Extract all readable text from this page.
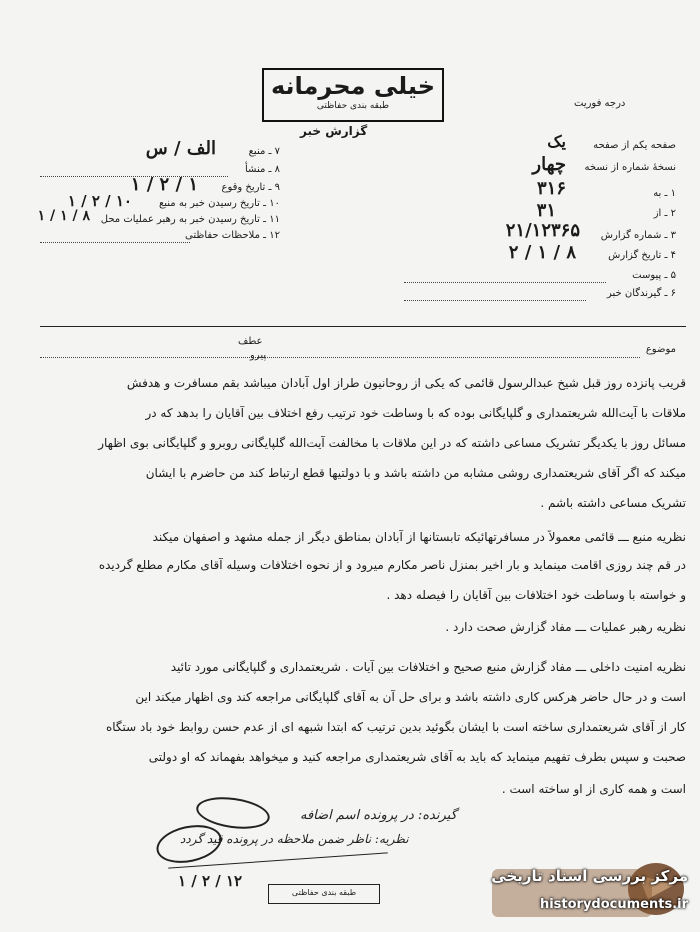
خیلی محرمانه
طبقه بندی حفاظتی	درجه فوریت
گزارش خبر
صفحه یکم از صفحه
یک
نسخهٔ شماره از نسخه
چهار
۱ ـ به
۳۱۶
۲ ـ از
۳۱
۳ ـ شماره گزارش
۲۱/۱۲۳۶۵
۴ ـ تاریخ گزارش
۸ / ۱ / ۲
۵ ـ پیوست
۶ ـ گیرندگان خبر
۷ ـ منبع
الف / س
۸ ـ منشأ
۹ ـ تاریخ وقوع
۱ / ۲ / ۱
۱۰ ـ تاریخ رسیدن خبر به منبع
۱۰ / ۲ / ۱
۱۱ ـ تاریخ رسیدن خبر به رهبر عملیات محل
۸ / ۱ / ۱
۱۲ ـ ملاحظات حفاظتی
موضوع
عطف
پیرو
قریب پانزده روز قبل شیخ عبدالرسول قائمی که یکی از روحانیون طراز اول آبادان میباشد بقم مسافرت و هدفش
ملاقات با آیت‌الله شریعتمداری و گلپایگانی بوده که با وساطت خود ترتیب رفع اختلاف بین آقایان را بدهد که در
مسائل روز با یکدیگر تشریک مساعی داشته که در این ملاقات با مخالفت آیت‌الله گلپایگانی روبرو و گلپایگانی بوی اظهار
میکند که اگر آقای شریعتمداری روشی مشابه من داشته باشد و با دولتیها قطع ارتباط کند من حاضرم با ایشان
تشریک مساعی داشته باشم .
نظریه منبع ـــ قائمی معمولاً در مسافرتهائیکه تابستانها از آبادان بمناطق دیگر از جمله مشهد و اصفهان میکند
در قم چند روزی اقامت مینماید و بار اخیر بمنزل ناصر مکارم میرود و از نحوه اختلافات وسیله آقای مکارم مطلع گردیده
و خواسته با وساطت خود اختلافات بین آقایان را فیصله دهد .
نظریه رهبر عملیات ـــ مفاد گزارش صحت دارد .
نظریه امنیت داخلی ـــ مفاد گزارش منبع صحیح و اختلافات بین آیات . شریعتمداری و گلپایگانی مورد تائید
است و در حال حاضر هرکس کاری داشته باشد و برای حل آن به آقای گلپایگانی مراجعه کند وی اظهار میکند این
کار از آقای شریعتمداری ساخته است با ایشان بگوئید بدین ترتیب که ابتدا شبهه ای از عدم حسن روابط خود باد ستگاه
صحبت و سپس بطرف تفهیم مینماید که باید به آقای شریعتمداری مراجعه کنید و میخواهد بفهماند که او دولتی
است و همه کاری از او ساخته است .
گیرنده: در پرونده اسم اضافه
نظریه: ناظر ضمن ملاحظه در پرونده قید گردد
۱۲ / ۲ / ۱
طبقه بندی حفاظتی
مرکز بررسی اسناد تاریخی
historydocuments.ir
